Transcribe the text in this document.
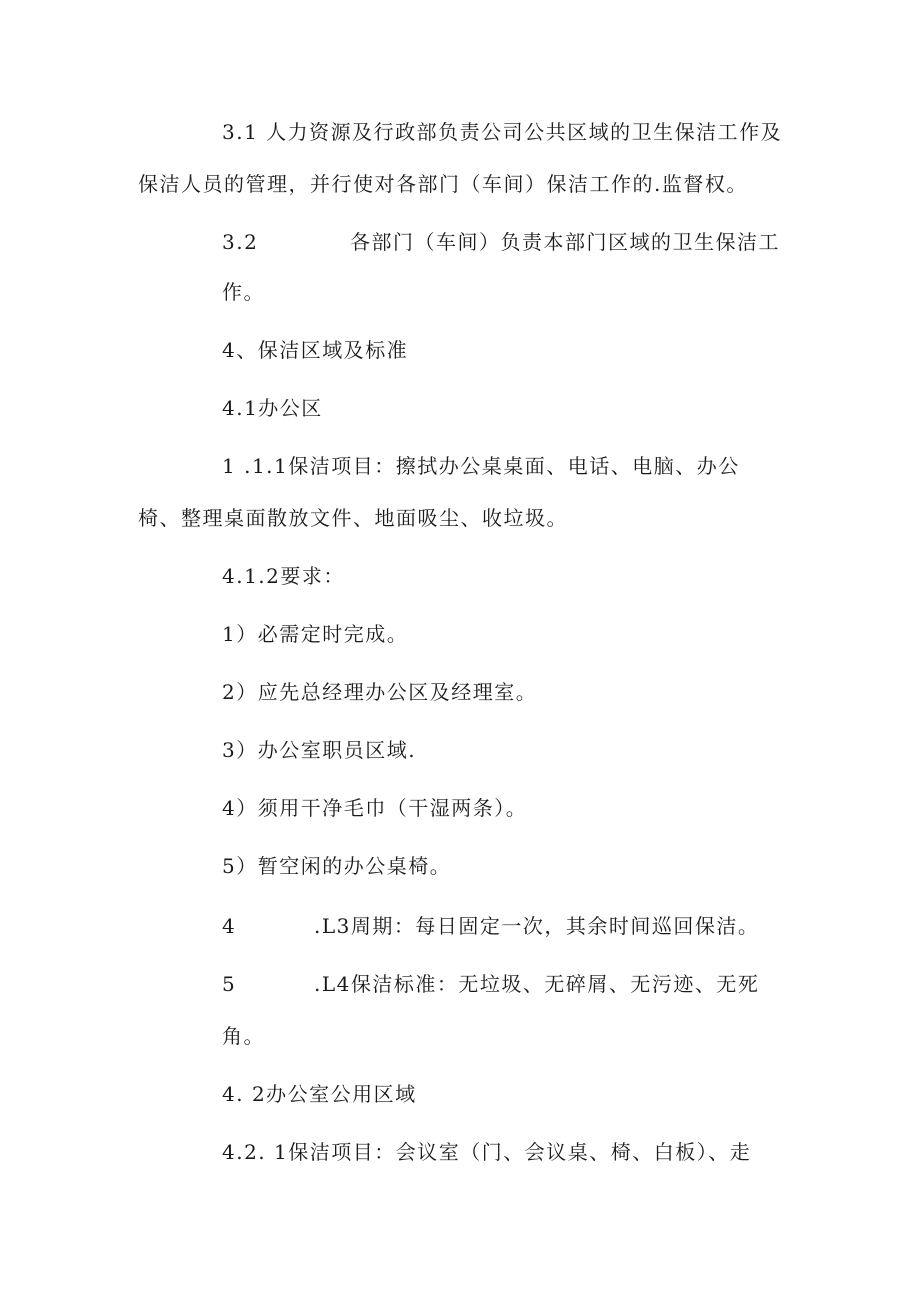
3.1 人力资源及行政部负责公司公共区域的卫生保洁工作及
保洁人员的管理，并行使对各部门（车间）保洁工作的.监督权。
3.2	各部门（车间）负责本部门区域的卫生保洁工
作。
4、保洁区域及标准
4.1办公区
1 .1.1保洁项目：擦拭办公桌桌面、电话、电脑、办公
椅、整理桌面散放文件、地面吸尘、收垃圾。
4.1.2要求：
1）必需定时完成。
2）应先总经理办公区及经理室。
3）办公室职员区域.
4）须用干净毛巾（干湿两条）。
5）暂空闲的办公桌椅。
4	.L3周期：每日固定一次，其余时间巡回保洁。
5	.L4保洁标准：无垃圾、无碎屑、无污迹、无死
角。
4. 2办公室公用区域
4.2. 1保洁项目：会议室（门、会议桌、椅、白板）、走
